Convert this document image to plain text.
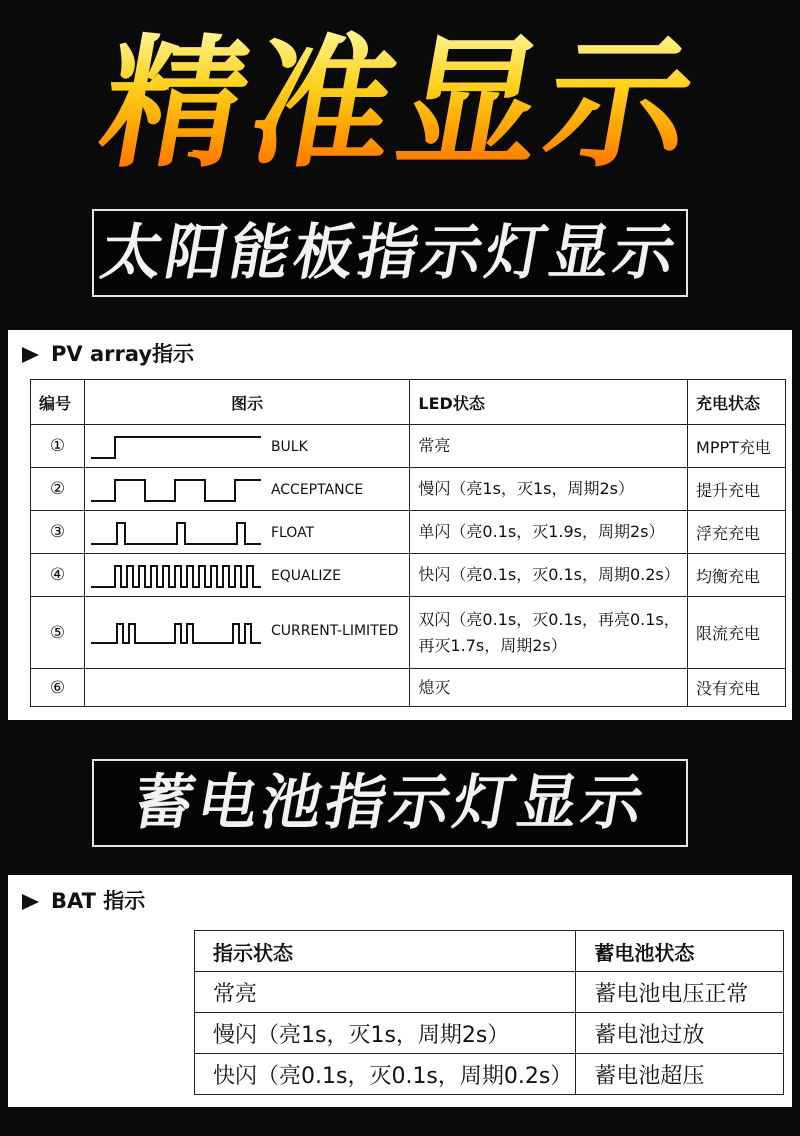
精准显示
太阳能板指示灯显示
PV array指示
编号	图示	LED状态	充电状态
①	BULK	常亮	MPPT充电
②	ACCEPTANCE	慢闪（亮1s，灭1s，周期2s）	提升充电
③	FLOAT	单闪（亮0.1s，灭1.9s，周期2s）	浮充充电
④	EQUALIZE	快闪（亮0.1s，灭0.1s，周期0.2s）	均衡充电
⑤	CURRENT-LIMITED	双闪（亮0.1s，灭0.1s，再亮0.1s，再灭1.7s，周期2s）	限流充电
⑥		熄灭	没有充电
蓄电池指示灯显示
BAT 指示
指示状态	蓄电池状态
常亮	蓄电池电压正常
慢闪（亮1s，灭1s，周期2s）	蓄电池过放
快闪（亮0.1s，灭0.1s，周期0.2s）	蓄电池超压
